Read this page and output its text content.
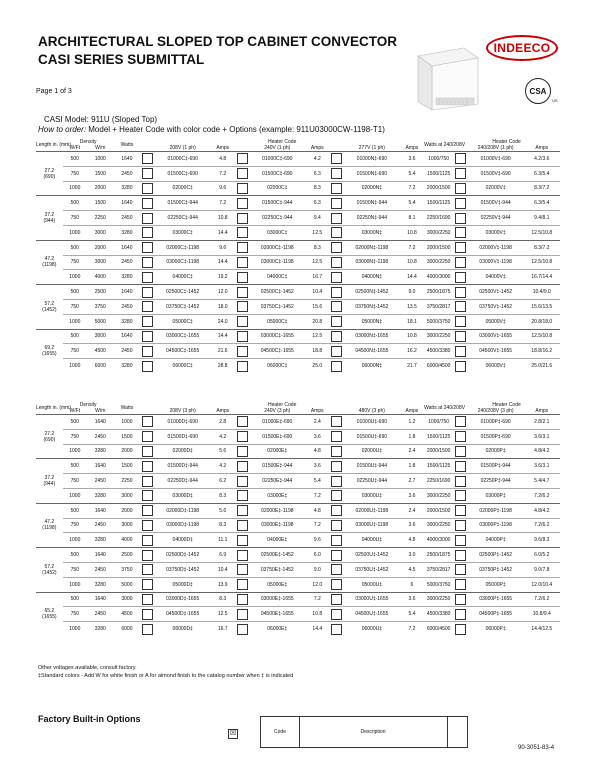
ARCHITECTURAL SLOPED TOP CABINET CONVECTOR
CASI SERIES SUBMITTAL
INDEECO
CSA
US
Page 1 of 3
CASI Model: 911U (Sloped Top)
How to order: Model + Heater Code with color code + Options (example: 911U03000CW-1198-T1)
Length in. (mm)	Density		Watts	Heater Code									Watts at 240/208V	Heater Code		
	W/Ft	W/m			208V (1 ph)	Amps		240V (1 ph)	Amps		277V (1 ph)	Amps			240/208V (1 ph)	Amps

27.2
(690)	500	1000	1640		01000C‡-690	4.8		01000C‡-690	4.2		01000N‡-690	3.6	1000/750		01000V‡-690	4.2/3.6
	750	1500	2450		01500C‡-690	7.2		01500C‡-690	6.3		01500N‡-690	5.4	1500/1125		01500V‡-690	6.3/5.4
	1000	2000	3280		02000C‡	9.6		02000C‡	8.3		02000N‡	7.2	2000/1500		02000V‡	8.3/7.2

37.2
(944)	500	1500	1640		01500C‡-944	7.2		01500C‡-944	6.3		01500N‡-944	5.4	1500/1125		01500V‡-944	6.3/5.4
	750	2250	2450		02250C‡-944	10.8		02250C‡-944	9.4		02250N‡-944	8.1	2250/1690		02250V‡-944	9.4/8.1
	1000	3000	3280		03000C‡	14.4		03000C‡	12.5		03000N‡	10.8	3000/2250		03000V‡	12.5/10.8

47.2
(1198)	500	2000	1640		02000C‡-1198	9.6		02000C‡-1198	8.3		02000N‡-1198	7.2	2000/1500		02000V‡-1198	8.3/7.2
	750	3000	2450		03000C‡-1198	14.4		03000C‡-1198	12.5		03000N‡-1198	10.8	3000/2250		03000V‡-1198	12.5/10.8
	1000	4000	3280		04000C‡	19.2		04000C‡	16.7		04000N‡	14.4	4000/3000		04000V‡	16.7/14.4

57.2
(1452)	500	2500	1640		02500C‡-1452	12.0		02500C‡-1452	10.4		02500N‡-1452	9.0	2500/1875		02500V‡-1452	10.4/9.0
	750	3750	2450		03750C‡-1452	18.0		03750C‡-1452	15.6		03750N‡-1452	13.5	3750/2817		03750V‡-1452	15.6/13.5
	1000	5000	3280		05000C‡	24.0		05000C‡	20.8		05000N‡	18.1	5000/3750		05000V‡	20.8/18.0

69.2
(1655)	500	3000	1640		03000C‡-1655	14.4		03000C‡-1655	12.5		03000N‡-1655	10.8	3000/2250		03000V‡-1655	12.5/10.8
	750	4500	2450		04500C‡-1655	21.6		04500C‡-1655	18.8		04500N‡-1655	16.2	4500/3380		04500V‡-1655	18.8/16.2
	1000	6000	3280		06000C‡	28.8		06000C‡	25.0		06000N‡	21.7	6000/4500		06000V‡	25.0/21.6
Length in. (mm)	Density		Watts	Heater Code									Watts at 240/208V	Heater Code		
	W/Ft	W/m			208V (3 ph)	Amps		240V (3 ph)	Amps		480V (3 ph)	Amps			240/208V (3 ph)	Amps

27.2
(690)	500	1640	1000		01000D‡-690	2.8		01000E‡-690	2.4		01000U‡-690	1.2	1000/750		01000P‡-690	2.8/2.1
	750	2450	1500		01500D‡-690	4.2		01500E‡-690	3.6		01500U‡-690	1.8	1500/1125		01500P‡-690	3.6/3.1
	1000	3280	2000		02000D‡	5.6		02000E‡	4.8		02000U‡	2.4	2000/1500		02000P‡	4.8/4.2

37.2
(944)	500	1640	1500		01500D‡-944	4.2		01500E‡-944	3.6		01500U‡-944	1.8	1500/1125		01500P‡-944	3.6/3.1
	750	2450	2250		02250D‡-944	6.2		02250E‡-944	5.4		02250U‡-944	2.7	2250/1690		02250P‡-944	5.4/4.7
	1000	3280	3000		03000D‡	8.3		03000E‡	7.2		03000U‡	3.6	3000/2250		03000P‡	7.2/6.2

47.2
(1198)	500	1640	2000		02000D‡-1198	5.6		02000E‡-1198	4.8		02000U‡-1198	2.4	2000/1500		02000P‡-1198	4.8/4.2
	750	2450	3000		03000D‡-1198	8.3		03000E‡-1198	7.2		03000U‡-1198	3.6	3000/2250		03000P‡-1198	7.2/6.2
	1000	3280	4000		04000D‡	11.1		04000E‡	9.6		04000U‡	4.8	4000/3000		04000P‡	9.6/8.3

57.2
(1452)	500	1640	2500		02500D‡-1452	6.9		02500E‡-1452	6.0		02500U‡-1452	3.0	2500/1875		02500P‡-1452	6.0/5.2
	750	2450	3750		03750D‡-1452	10.4		03750E‡-1452	9.0		03750U‡-1452	4.5	3750/2817		03750P‡-1452	9.0/7.8
	1000	3280	5000		05000D‡	13.9		05000E‡	12.0		05000U‡	6	5000/3750		05000P‡	12.0/10.4

65.2
(1655)	500	1640	3000		03000D‡-1655	8.3		03000E‡-1655	7.2		03000U‡-1655	3.6	3000/2250		03000P‡-1655	7.2/6.2
	750	2450	4500		04500D‡-1655	12.5		04500E‡-1655	10.8		04500U‡-1655	5.4	4500/3380		04500P‡-1655	10.8/9.4
	1000	3280	6000		06000D‡	16.7		06000E‡	14.4		06000U‡	7.2	6000/4500		06000P‡	14.4/12.5
Other voltages available, consult factory.
‡Standard colors - Add W for white finish or A for almond finish to the catalog number when ‡ is indicated
Factory Built-in Options
☒	Code	Description
90-3051-83-4
